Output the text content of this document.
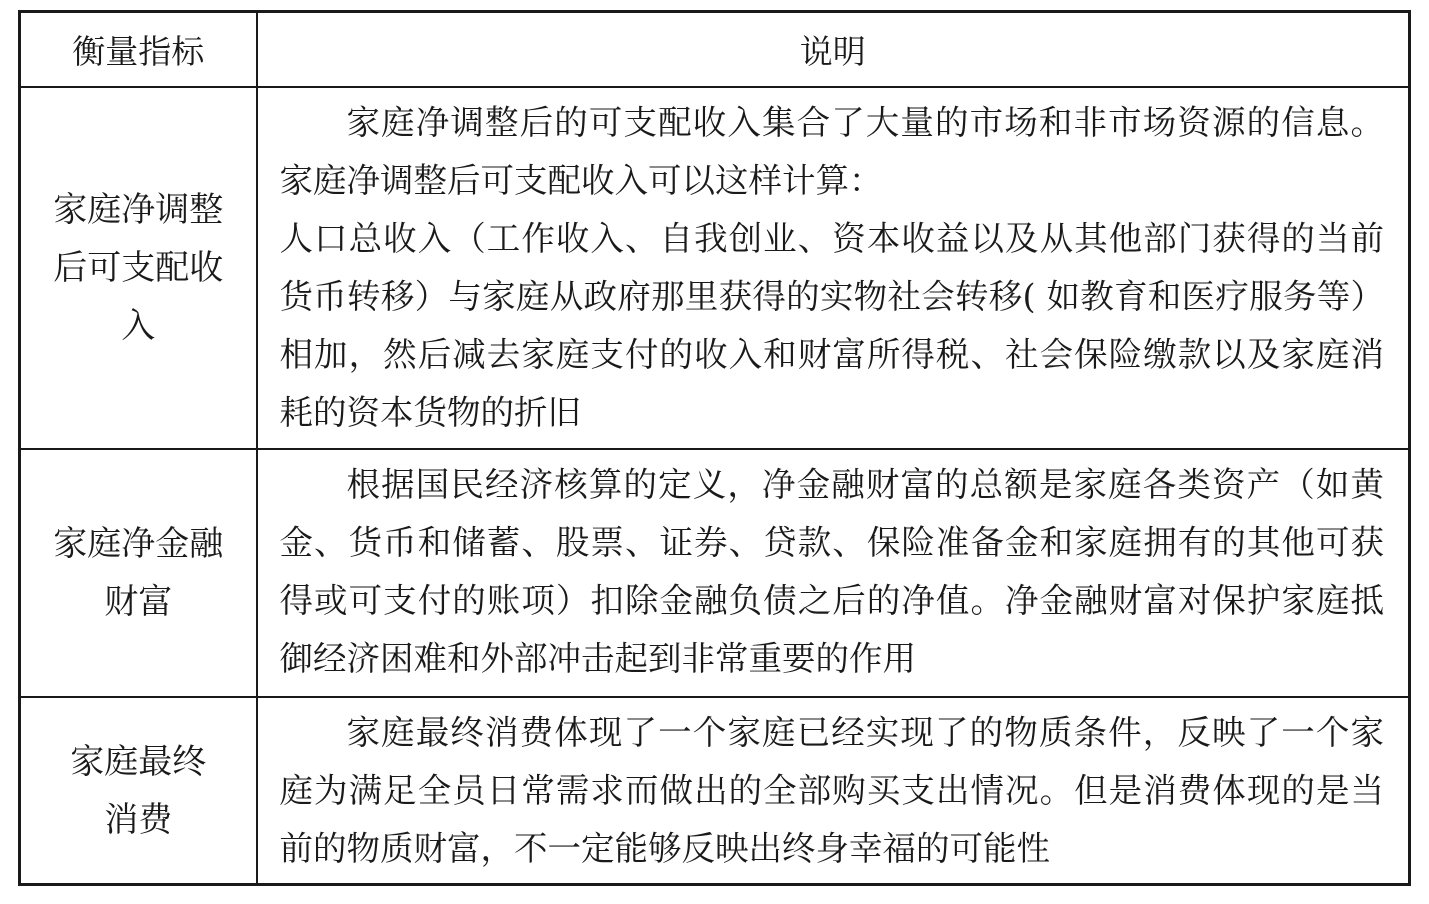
衡量指标	说明

家庭净调整后可支配收入	家庭净调整后的可支配收入集合了大量的市场和非市场资源的信息。家庭净调整后可支配收入可以这样计算：

人口总收入（工作收入、自我创业、资本收益以及从其他部门获得的当前货币转移）与家庭从政府那里获得的实物社会转移( 如教育和医疗服务等） 相加，然后减去家庭支付的收入和财富所得税、社会保险缴款以及家庭消耗的资本货物的折旧

家庭净金融财富	根据国民经济核算的定义，净金融财富的总额是家庭各类资产（如黄金、货币和储蓄、股票、证券、贷款、保险准备金和家庭拥有的其他可获得或可支付的账项）扣除金融负债之后的净值。净金融财富对保护家庭抵御经济困难和外部冲击起到非常重要的作用

家庭最终消费	家庭最终消费体现了一个家庭已经实现了的物质条件，反映了一个家庭为满足全员日常需求而做出的全部购买支出情况。但是消费体现的是当前的物质财富，不一定能够反映出终身幸福的可能性
